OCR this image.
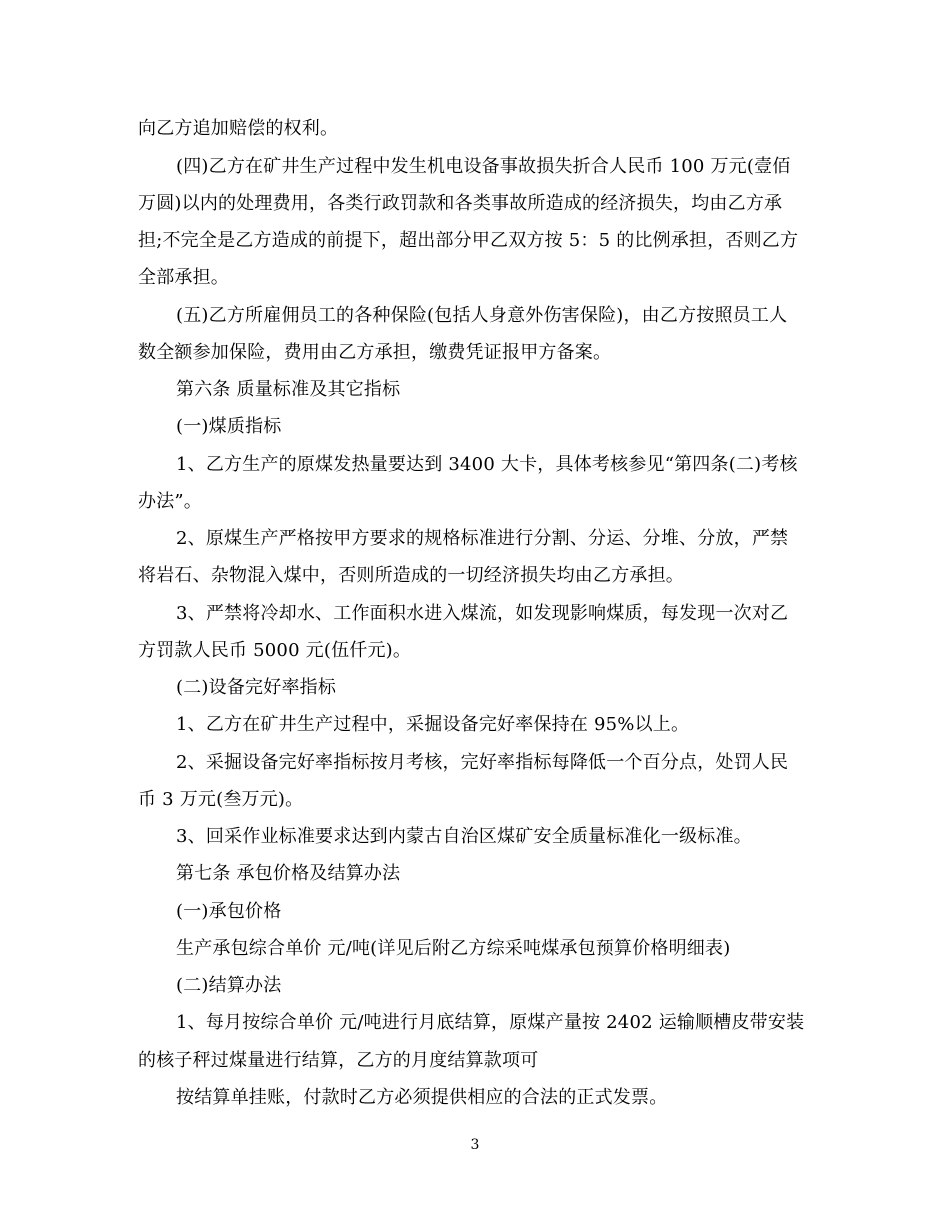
向乙方追加赔偿的权利。
(四)乙方在矿井生产过程中发生机电设备事故损失折合人民币 100 万元(壹佰
万圆)以内的处理费用，各类行政罚款和各类事故所造成的经济损失，均由乙方承
担;不完全是乙方造成的前提下，超出部分甲乙双方按 5：5 的比例承担，否则乙方
全部承担。
(五)乙方所雇佣员工的各种保险(包括人身意外伤害保险)，由乙方按照员工人
数全额参加保险，费用由乙方承担，缴费凭证报甲方备案。
第六条 质量标准及其它指标
(一)煤质指标
1、乙方生产的原煤发热量要达到 3400 大卡，具体考核参见“第四条(二)考核
办法”。
2、原煤生产严格按甲方要求的规格标准进行分割、分运、分堆、分放，严禁
将岩石、杂物混入煤中，否则所造成的一切经济损失均由乙方承担。
3、严禁将冷却水、工作面积水进入煤流，如发现影响煤质，每发现一次对乙
方罚款人民币 5000 元(伍仟元)。
(二)设备完好率指标
1、乙方在矿井生产过程中，采掘设备完好率保持在 95%以上。
2、采掘设备完好率指标按月考核，完好率指标每降低一个百分点，处罚人民
币 3 万元(叁万元)。
3、回采作业标准要求达到内蒙古自治区煤矿安全质量标准化一级标准。
第七条 承包价格及结算办法
(一)承包价格
生产承包综合单价 元/吨(详见后附乙方综采吨煤承包预算价格明细表)
(二)结算办法
1、每月按综合单价 元/吨进行月底结算，原煤产量按 2402 运输顺槽皮带安装
的核子秤过煤量进行结算，乙方的月度结算款项可
按结算单挂账，付款时乙方必须提供相应的合法的正式发票。
3
